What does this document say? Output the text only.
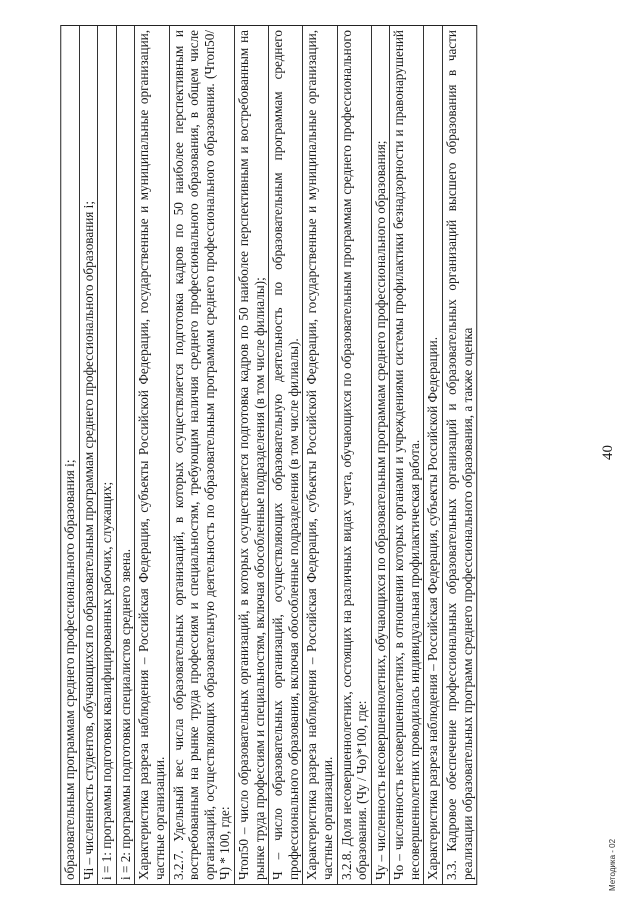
40
образовательным программам среднего профессионального образования i; Чi – численность студентов, обучающихся по образовательным программам среднего профессионального образования i; i = 1: программы подготовки квалифицированных рабочих, служащих; i = 2: программы подготовки специалистов среднего звена. Характеристика разреза наблюдения – Российская Федерация, субъекты Российской Федерации, государственные и муниципальные организации, частные организации. 3.2.7. Удельный вес числа образовательных организаций, в которых осуществляется подготовка кадров по 50 наиболее перспективным и востребованным на рынке труда профессиям и специальностям, требующим наличия среднего профессионального образования, в общем числе организаций, осуществляющих образовательную деятельность по образовательным программам среднего профессионального образования. (Чтоп50/Ч) * 100, где: Чтоп50 – число образовательных организаций, в которых осуществляется подготовка кадров по 50 наиболее перспективным и востребованным на рынке труда профессиям и специальностям, включая обособленные подразделения (в том числе филиалы); Ч – число образовательных организаций, осуществляющих образовательную деятельность по образовательным программам среднего профессионального образования, включая обособленные подразделения (в том числе филиалы). Характеристика разреза наблюдения – Российская Федерация, субъекты Российской Федерации, государственные и муниципальные организации, частные организации. 3.2.8. Доля несовершеннолетних, состоящих на различных видах учета, обучающихся по образовательным программам среднего профессионального образования. (Чу / Чо)*100, где: Чу – численность несовершеннолетних, обучающихся по образовательным программам среднего профессионального образования; Чо – численность несовершеннолетних, в отношении которых органами и учреждениями системы профилактики безнадзорности и правонарушений несовершеннолетних проводилась индивидуальная профилактическая работа. Характеристика разреза наблюдения – Российская Федерация, субъекты Российской Федерации. 3.3. Кадровое обеспечение профессиональных образовательных организаций и образовательных организаций высшего образования в части реализации образовательных программ среднего профессионального образования, а также оценка	Методика - 02
